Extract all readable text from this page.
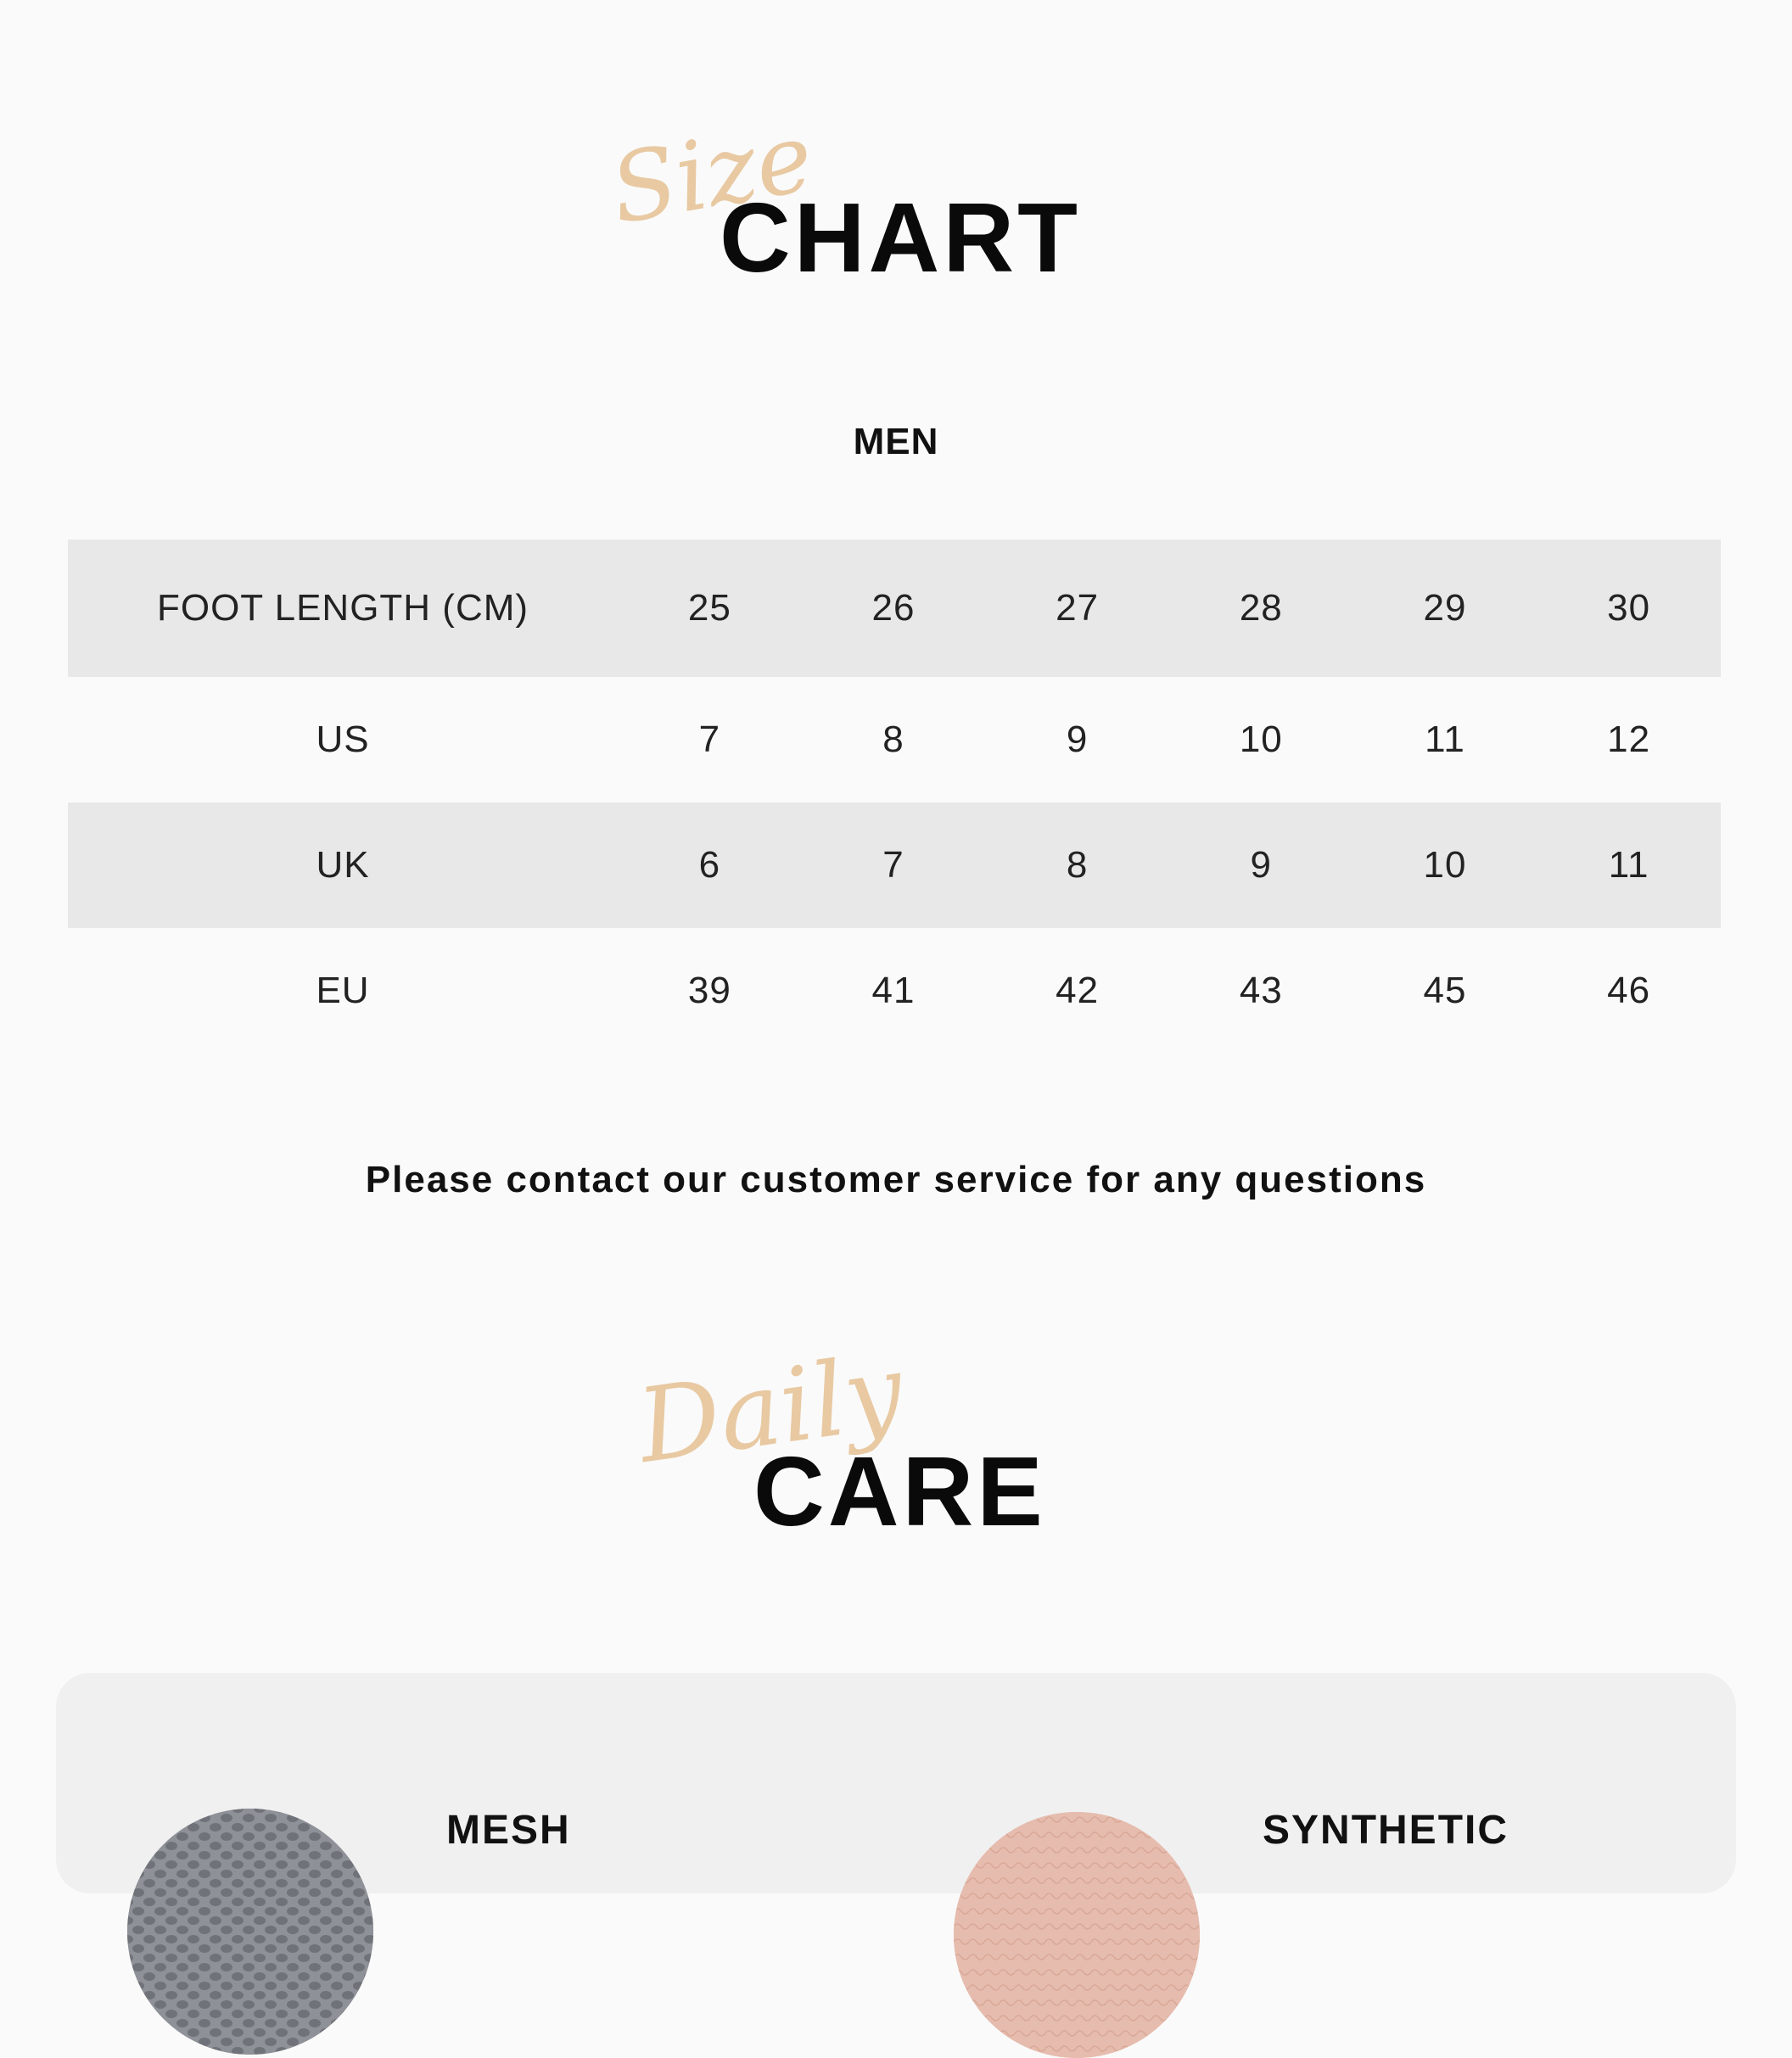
Size
CHART
MEN
FOOT LENGTH (CM)	25	26	27	28	29	30
US	7	8	9	10	11	12
UK	6	7	8	9	10	11
EU	39	41	42	43	45	46
Please contact our customer service for any questions
Daily
CARE
MESH	SYNTHETIC
